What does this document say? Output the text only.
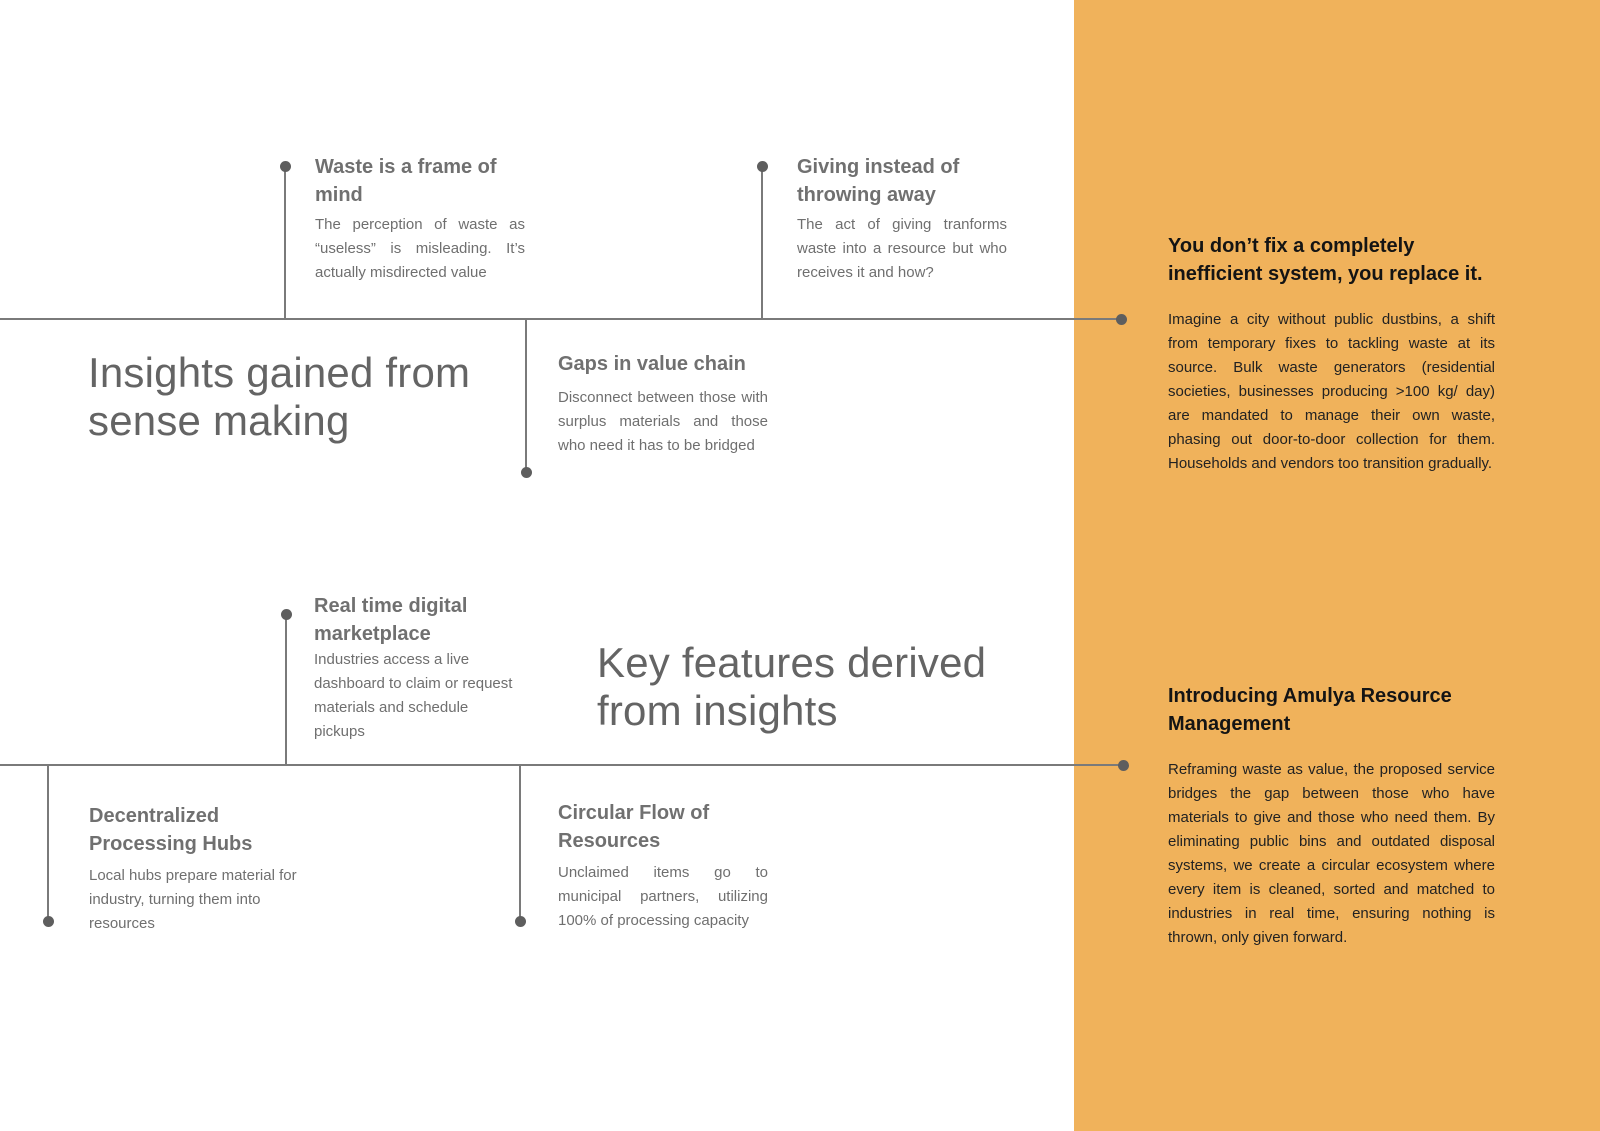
Insights gained from sense making
Key features derived from insights
Waste is a frame of mind

The perception of waste as “useless” is misleading. It’s actually misdirected value

Giving instead of throwing away

The act of giving tranforms waste into a resource but who receives it and how?

Gaps in value chain

Disconnect between those with surplus materials and those who need it has to be bridged

Real time digital marketplace

Industries access a live dashboard to claim or request materials and schedule pickups

Decentralized Processing Hubs

Local hubs prepare material for industry, turning them into resources

Circular Flow of Resources

Unclaimed items go to municipal partners, utilizing 100% of processing capacity

You don’t fix a completely inefficient system, you replace it.

Imagine a city without public dustbins, a shift from temporary fixes to tackling waste at its source. Bulk waste generators (residential societies, businesses producing >100 kg/ day) are mandated to manage their own waste, phasing out door-to-door collection for them. Households and vendors too transition gradually.

Introducing Amulya Resource Management

Reframing waste as value, the proposed service bridges the gap between those who have materials to give and those who need them. By eliminating public bins and outdated disposal systems, we create a circular ecosystem where every item is cleaned, sorted and matched to industries in real time, ensuring nothing is thrown, only given forward.
